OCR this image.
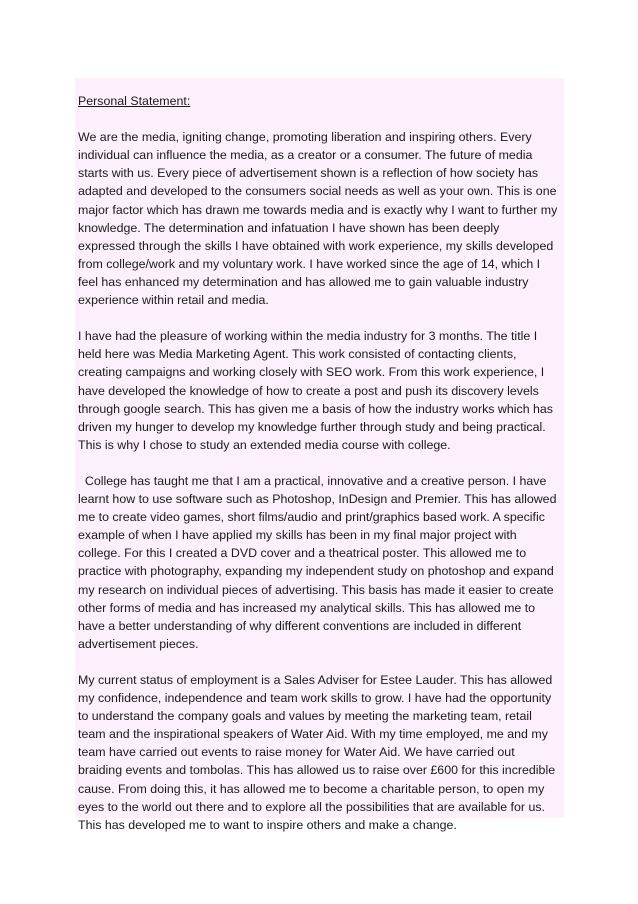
Personal Statement:
We are the media, igniting change, promoting liberation and inspiring others. Every individual can influence the media, as a creator or a consumer. The future of media starts with us. Every piece of advertisement shown is a reflection of how society has adapted and developed to the consumers social needs as well as your own. This is one major factor which has drawn me towards media and is exactly why I want to further my knowledge. The determination and infatuation I have shown has been deeply expressed through the skills I have obtained with work experience, my skills developed from college/work and my voluntary work. I have worked since the age of 14, which I feel has enhanced my determination and has allowed me to gain valuable industry experience within retail and media.
I have had the pleasure of working within the media industry for 3 months. The title I held here was Media Marketing Agent. This work consisted of contacting clients, creating campaigns and working closely with SEO work. From this work experience, I have developed the knowledge of how to create a post and push its discovery levels through google search. This has given me a basis of how the industry works which has driven my hunger to develop my knowledge further through study and being practical. This is why I chose to study an extended media course with college.
College has taught me that I am a practical, innovative and a creative person. I have learnt how to use software such as Photoshop, InDesign and Premier. This has allowed me to create video games, short films/audio and print/graphics based work. A specific example of when I have applied my skills has been in my final major project with college. For this I created a DVD cover and a theatrical poster. This allowed me to practice with photography, expanding my independent study on photoshop and expand my research on individual pieces of advertising. This basis has made it easier to create other forms of media and has increased my analytical skills. This has allowed me to have a better understanding of why different conventions are included in different advertisement pieces.
My current status of employment is a Sales Adviser for Estee Lauder. This has allowed my confidence, independence and team work skills to grow. I have had the opportunity to understand the company goals and values by meeting the marketing team, retail team and the inspirational speakers of Water Aid. With my time employed, me and my team have carried out events to raise money for Water Aid. We have carried out braiding events and tombolas. This has allowed us to raise over £600 for this incredible cause. From doing this, it has allowed me to become a charitable person, to open my eyes to the world out there and to explore all the possibilities that are available for us. This has developed me to want to inspire others and make a change.
